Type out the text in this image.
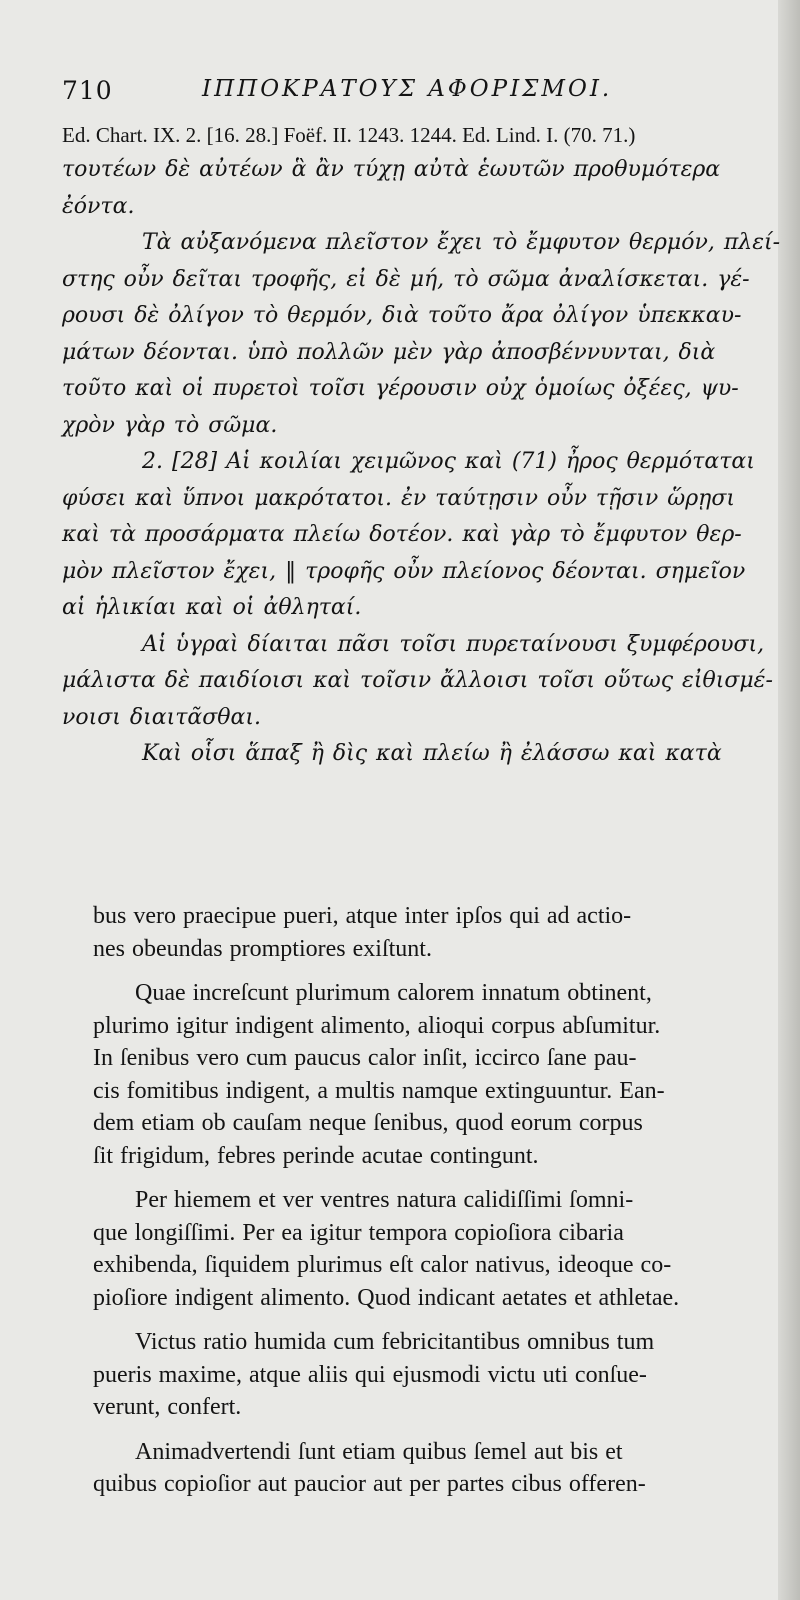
710	ΙΠΠΟΚΡΑΤΟΥΣ ΑΦΟΡΙΣΜΟΙ.
Ed. Chart. IX. 2. [16. 28.] Foëf. II. 1243. 1244. Ed. Lind. I. (70. 71.)

τουτέων δὲ αὐτέων ἃ ἂν τύχῃ αὐτὰ ἑωυτῶν προθυμότερα
ἐόντα.

Τὰ αὐξανόμενα πλεῖστον ἔχει τὸ ἔμφυτον θερμόν, πλεί-
στης οὖν δεῖται τροφῆς, εἰ δὲ μή, τὸ σῶμα ἀναλίσκεται. γέ-
ρουσι δὲ ὀλίγον τὸ θερμόν, διὰ τοῦτο ἄρα ὀλίγον ὑπεκκαυ-
μάτων δέονται. ὑπὸ πολλῶν μὲν γὰρ ἀποσβέννυνται, διὰ
τοῦτο καὶ οἱ πυρετοὶ τοῖσι γέρουσιν οὐχ ὁμοίως ὀξέες, ψυ-
χρὸν γὰρ τὸ σῶμα.

2. [28] Αἱ κοιλίαι χειμῶνος καὶ (71) ἦρος θερμόταται
φύσει καὶ ὕπνοι μακρότατοι. ἐν ταύτῃσιν οὖν τῇσιν ὥρῃσι
καὶ τὰ προσάρματα πλείω δοτέον. καὶ γὰρ τὸ ἔμφυτον θερ-
μὸν πλεῖστον ἔχει, ‖ τροφῆς οὖν πλείονος δέονται. σημεῖον
αἱ ἡλικίαι καὶ οἱ ἀθληταί.

Αἱ ὑγραὶ δίαιται πᾶσι τοῖσι πυρεταίνουσι ξυμφέρουσι,
μάλιστα δὲ παιδίοισι καὶ τοῖσιν ἄλλοισι τοῖσι οὕτως εἰθισμέ-
νοισι διαιτᾶσθαι.

Καὶ οἷσι ἅπαξ ἢ δὶς καὶ πλείω ἢ ἐλάσσω καὶ κατὰ

bus vero praecipue pueri, atque inter ipſos qui ad actio-
nes obeundas promptiores exiſtunt.

Quae increſcunt plurimum calorem innatum obtinent,
plurimo igitur indigent alimento, alioqui corpus abſumitur.
In ſenibus vero cum paucus calor inſit, iccirco ſane pau-
cis fomitibus indigent, a multis namque extinguuntur. Ean-
dem etiam ob cauſam neque ſenibus, quod eorum corpus
ſit frigidum, febres perinde acutae contingunt.

Per hiemem et ver ventres natura calidiſſimi ſomni-
que longiſſimi. Per ea igitur tempora copioſiora cibaria
exhibenda, ſiquidem plurimus eſt calor nativus, ideoque co-
pioſiore indigent alimento. Quod indicant aetates et athletae.

Victus ratio humida cum febricitantibus omnibus tum
pueris maxime, atque aliis qui ejusmodi victu uti conſue-
verunt, confert.

Animadvertendi ſunt etiam quibus ſemel aut bis et
quibus copioſior aut paucior aut per partes cibus offeren-
